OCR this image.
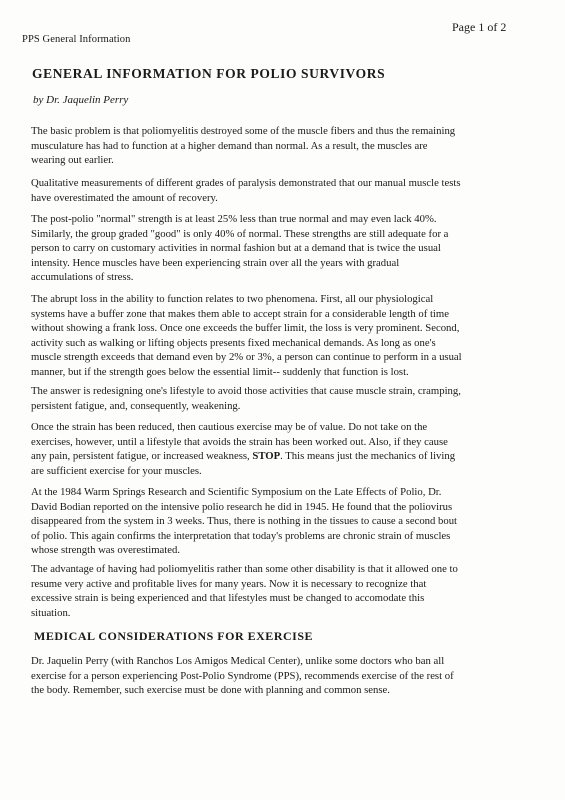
PPS General Information
Page 1 of 2
GENERAL INFORMATION FOR POLIO SURVIVORS
by Dr. Jaquelin Perry
The basic problem is that poliomyelitis destroyed some of the muscle fibers and thus the remaining
musculature has had to function at a higher demand than normal. As a result, the muscles are
wearing out earlier.
Qualitative measurements of different grades of paralysis demonstrated that our manual muscle tests
have overestimated the amount of recovery.
The post-polio "normal" strength is at least 25% less than true normal and may even lack 40%.
Similarly, the group graded "good" is only 40% of normal. These strengths are still adequate for a
person to carry on customary activities in normal fashion but at a demand that is twice the usual
intensity. Hence muscles have been experiencing strain over all the years with gradual
accumulations of stress.
The abrupt loss in the ability to function relates to two phenomena. First, all our physiological
systems have a buffer zone that makes them able to accept strain for a considerable length of time
without showing a frank loss. Once one exceeds the buffer limit, the loss is very prominent. Second,
activity such as walking or lifting objects presents fixed mechanical demands. As long as one's
muscle strength exceeds that demand even by 2% or 3%, a person can continue to perform in a usual
manner, but if the strength goes below the essential limit-- suddenly that function is lost.
The answer is redesigning one's lifestyle to avoid those activities that cause muscle strain, cramping,
persistent fatigue, and, consequently, weakening.
Once the strain has been reduced, then cautious exercise may be of value. Do not take on the
exercises, however, until a lifestyle that avoids the strain has been worked out. Also, if they cause
any pain, persistent fatigue, or increased weakness, STOP. This means just the mechanics of living
are sufficient exercise for your muscles.
At the 1984 Warm Springs Research and Scientific Symposium on the Late Effects of Polio, Dr.
David Bodian reported on the intensive polio research he did in 1945. He found that the poliovirus
disappeared from the system in 3 weeks. Thus, there is nothing in the tissues to cause a second bout
of polio. This again confirms the interpretation that today's problems are chronic strain of muscles
whose strength was overestimated.
The advantage of having had poliomyelitis rather than some other disability is that it allowed one to
resume very active and profitable lives for many years. Now it is necessary to recognize that
excessive strain is being experienced and that lifestyles must be changed to accomodate this
situation.
MEDICAL CONSIDERATIONS FOR EXERCISE
Dr. Jaquelin Perry (with Ranchos Los Amigos Medical Center), unlike some doctors who ban all
exercise for a person experiencing Post-Polio Syndrome (PPS), recommends exercise of the rest of
the body. Remember, such exercise must be done with planning and common sense.
